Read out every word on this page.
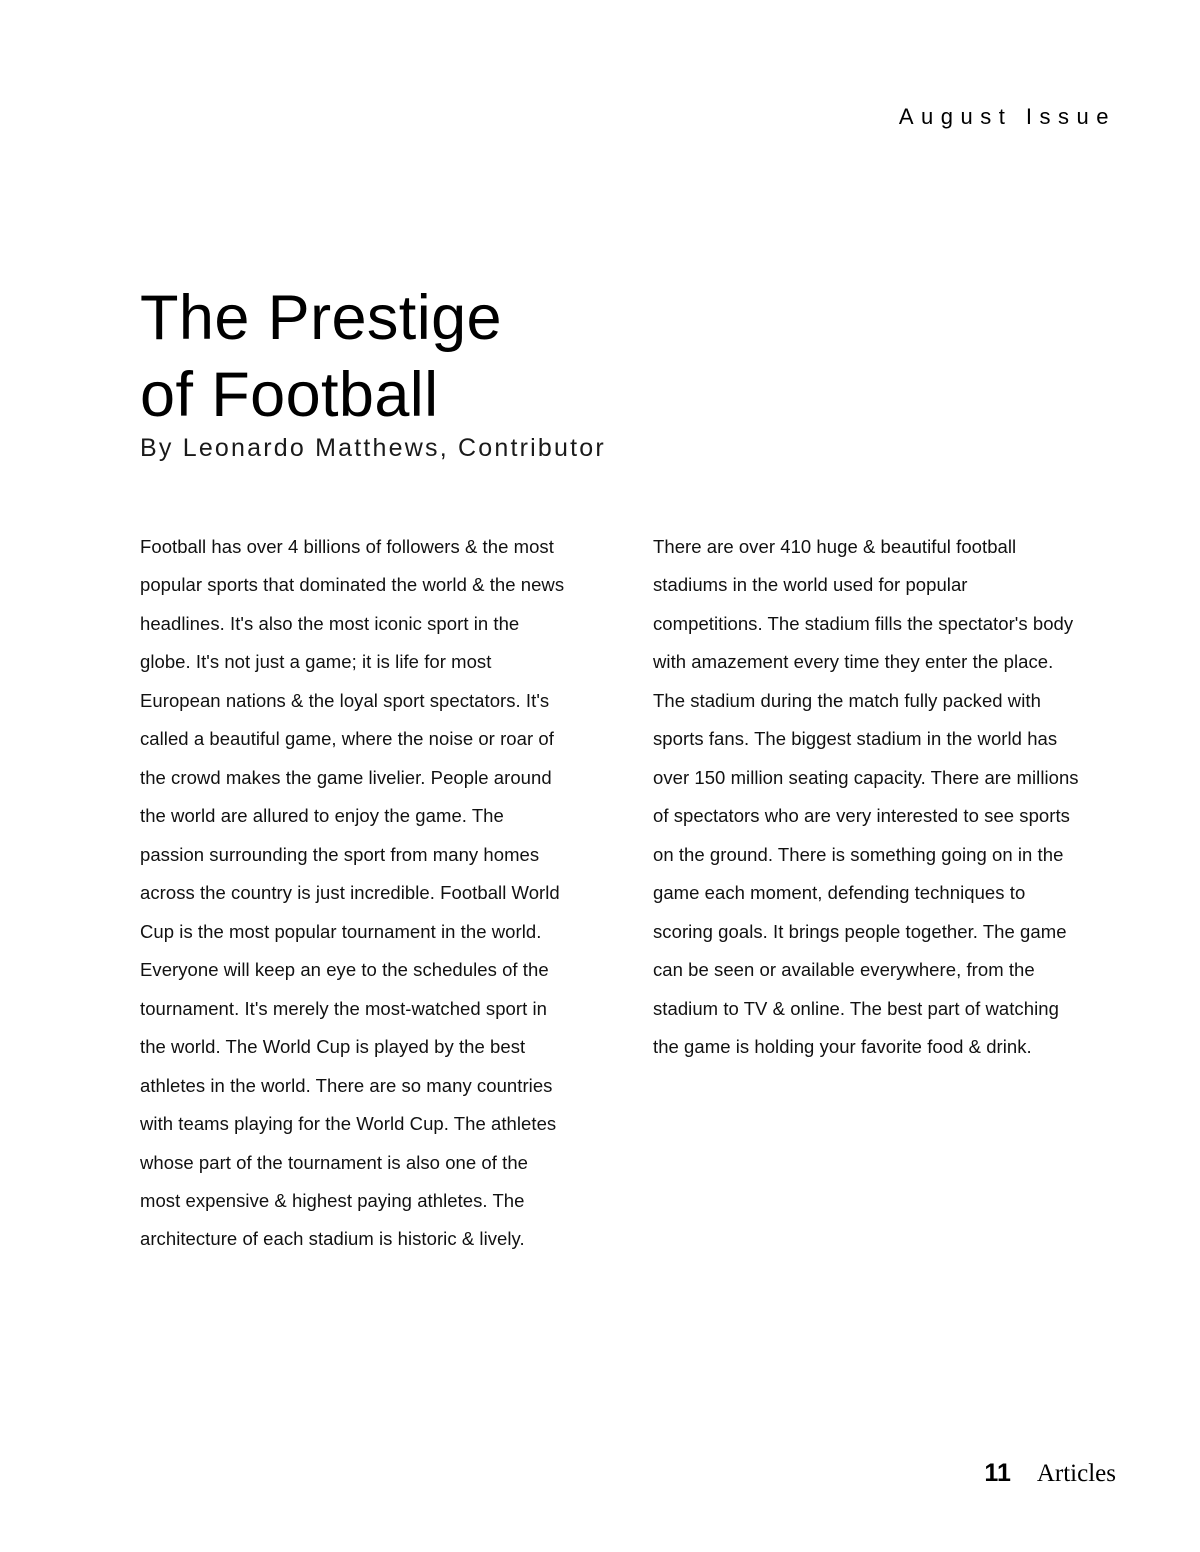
August Issue
The Prestige
of Football
By Leonardo Matthews, Contributor

Football has over 4 billions of followers & the most popular sports that dominated the world & the news headlines. It's also the most iconic sport in the globe. It's not just a game; it is life for most European nations & the loyal sport spectators. It's called a beautiful game, where the noise or roar of the crowd makes the game livelier. People around the world are allured to enjoy the game. The passion surrounding the sport from many homes across the country is just incredible. Football World Cup is the most popular tournament in the world. Everyone will keep an eye to the schedules of the tournament. It's merely the most-watched sport in the world. The World Cup is played by the best athletes in the world. There are so many countries with teams playing for the World Cup. The athletes whose part of the tournament is also one of the most expensive & highest paying athletes. The architecture of each stadium is historic & lively.

There are over 410 huge & beautiful football stadiums in the world used for popular competitions. The stadium fills the spectator's body with amazement every time they enter the place. The stadium during the match fully packed with sports fans. The biggest stadium in the world has over 150 million seating capacity. There are millions of spectators who are very interested to see sports on the ground. There is something going on in the game each moment, defending techniques to scoring goals. It brings people together. The game can be seen or available everywhere, from the stadium to TV & online. The best part of watching the game is holding your favorite food & drink.

11 Articles
